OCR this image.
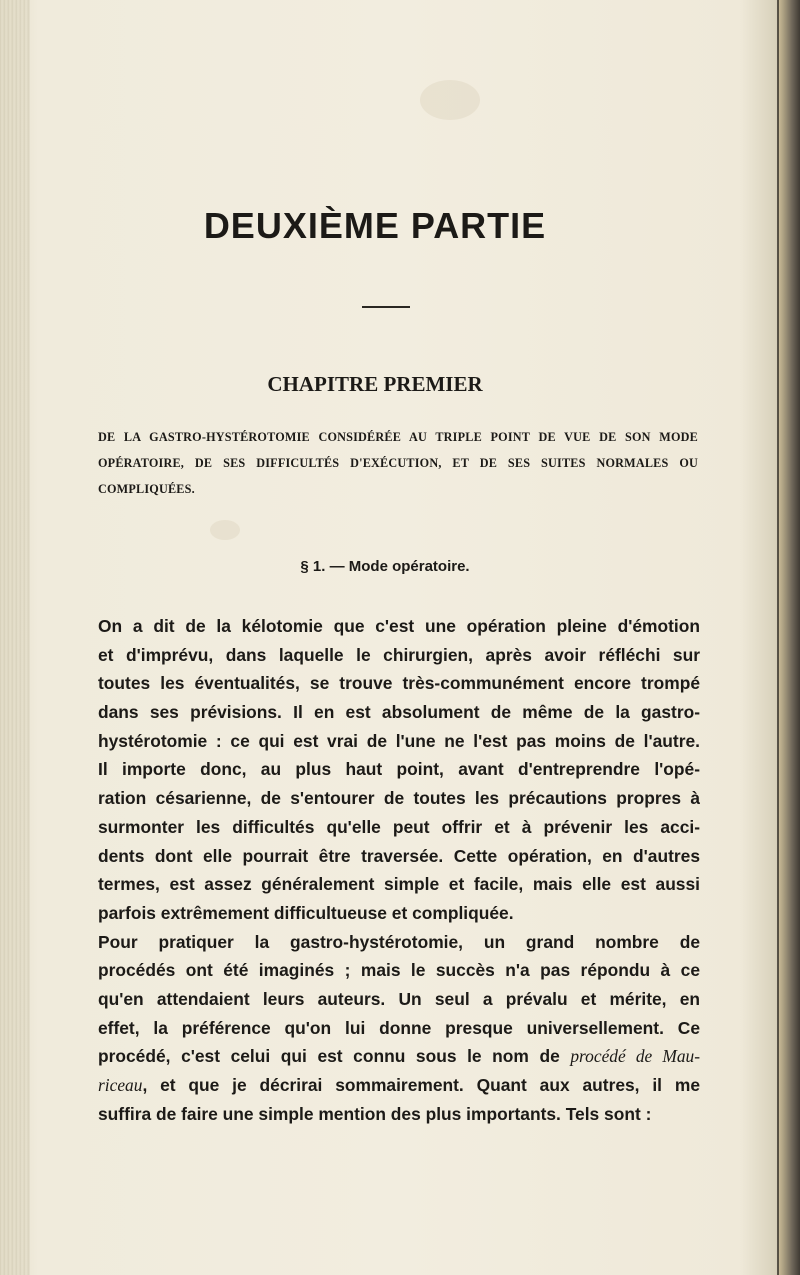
DEUXIÈME PARTIE
CHAPITRE PREMIER

DE LA GASTRO-HYSTÉROTOMIE CONSIDÉRÉE AU TRIPLE POINT DE VUE DE SON MODE OPÉRATOIRE, DE SES DIFFICULTÉS D'EXÉCUTION, ET DE SES SUITES NORMALES OU COMPLIQUÉES.

§ 1. — Mode opératoire.

On a dit de la kélotomie que c'est une opération pleine d'émotion
et d'imprévu, dans laquelle le chirurgien, après avoir réfléchi sur
toutes les éventualités, se trouve très-communément encore trompé
dans ses prévisions. Il en est absolument de même de la gastro-
hystérotomie : ce qui est vrai de l'une ne l'est pas moins de l'autre.
Il importe donc, au plus haut point, avant d'entreprendre l'opé-
ration césarienne, de s'entourer de toutes les précautions propres à
surmonter les difficultés qu'elle peut offrir et à prévenir les acci-
dents dont elle pourrait être traversée. Cette opération, en d'autres
termes, est assez généralement simple et facile, mais elle est aussi
parfois extrêmement difficultueuse et compliquée.
Pour pratiquer la gastro-hystérotomie, un grand nombre de
procédés ont été imaginés ; mais le succès n'a pas répondu à ce
qu'en attendaient leurs auteurs. Un seul a prévalu et mérite, en
effet, la préférence qu'on lui donne presque universellement. Ce
procédé, c'est celui qui est connu sous le nom de procédé de Mau-
riceau, et que je décrirai sommairement. Quant aux autres, il me
suffira de faire une simple mention des plus importants. Tels sont :
